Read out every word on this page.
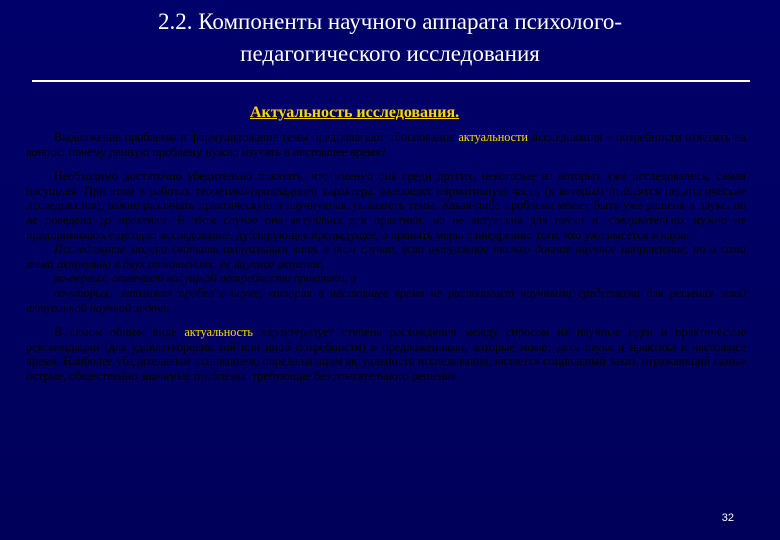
2.2. Компоненты научного аппарата психолого-
педагогического исследования
Актуальность исследования.

Выдвижение проблемы и формулирование темы предполагают обоснование актуальности исследования – потребности ответить на вопрос: почему данную проблему нужно изучать в настоящее время?

Необходимо достаточно убедительно показать, что именно она среди других, некоторые из которых уже исследовались, самая насущная. При этом в работах теоретико-прикладного характера, имеющих нормативную часть (к которым относятся педагогические исследования), важно различать практическую и научную актуальность темы. Какая-либо проблема может быть уже решена в науке, но не доведена до практики. В этом случае она актуальна для практики, но не актуальна для науки и, следовательно, нужно не предпринимать еще одно исследование, дублирующее предыдущее, а принять меры к внедрению того, что уже имеется в науке.

Исследование можно считать актуальным лишь в том случае, если актуальное только данное научное направление, но и сама тема актуальна в двух отношениях: ее научное решение,

во-первых, отвечает насущной потребности практики, а

во-вторых, заполняет пробел в науке, которая в настоящее время не располагает научными средствами для решения этой актуальной научной задачи.

В самом общем виде актуальность характеризует степень расхождения между спросом на научные идеи и практические рекомендации (для удовлетворения той или иной потребности) и предложениями, которые может дать наука и практика в настоящее время. Наиболее убедительным основанием, определяющим актуальность исследования, является социальный заказ, отражающий самые острые, общественно значимые проблемы, требующие безотлагательного решения.

32
